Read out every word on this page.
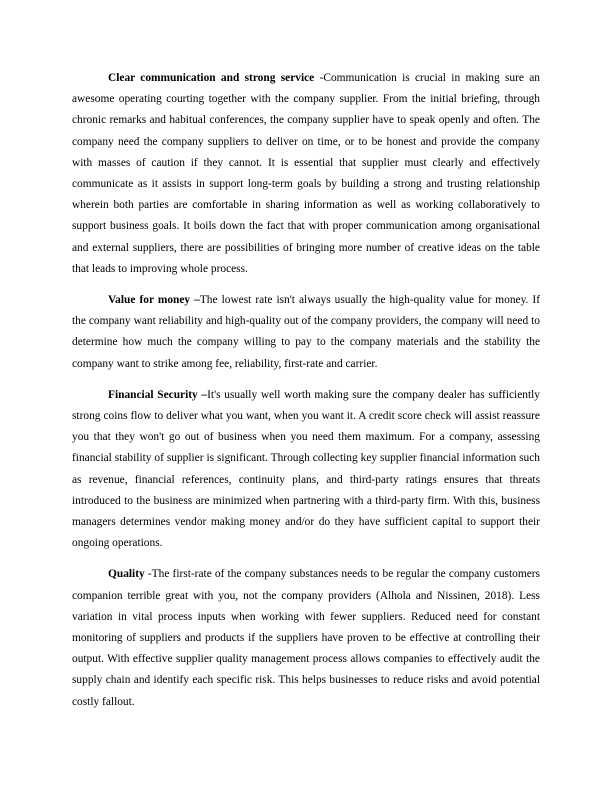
Clear communication and strong service -Communication is crucial in making sure an awesome operating courting together with the company supplier. From the initial briefing, through chronic remarks and habitual conferences, the company supplier have to speak openly and often. The company need the company suppliers to deliver on time, or to be honest and provide the company with masses of caution if they cannot. It is essential that supplier must clearly and effectively communicate as it assists in support long-term goals by building a strong and trusting relationship wherein both parties are comfortable in sharing information as well as working collaboratively to support business goals. It boils down the fact that with proper communication among organisational and external suppliers, there are possibilities of bringing more number of creative ideas on the table that leads to improving whole process.

Value for money –The lowest rate isn't always usually the high-quality value for money. If the company want reliability and high-quality out of the company providers, the company will need to determine how much the company willing to pay to the company materials and the stability the company want to strike among fee, reliability, first-rate and carrier.

Financial Security –It's usually well worth making sure the company dealer has sufficiently strong coins flow to deliver what you want, when you want it. A credit score check will assist reassure you that they won't go out of business when you need them maximum. For a company, assessing financial stability of supplier is significant. Through collecting key supplier financial information such as revenue, financial references, continuity plans, and third-party ratings ensures that threats introduced to the business are minimized when partnering with a third-party firm. With this, business managers determines vendor making money and/or do they have sufficient capital to support their ongoing operations.

Quality -The first-rate of the company substances needs to be regular the company customers companion terrible great with you, not the company providers (Alhola and Nissinen, 2018). Less variation in vital process inputs when working with fewer suppliers. Reduced need for constant monitoring of suppliers and products if the suppliers have proven to be effective at controlling their output. With effective supplier quality management process allows companies to effectively audit the supply chain and identify each specific risk. This helps businesses to reduce risks and avoid potential costly fallout.
